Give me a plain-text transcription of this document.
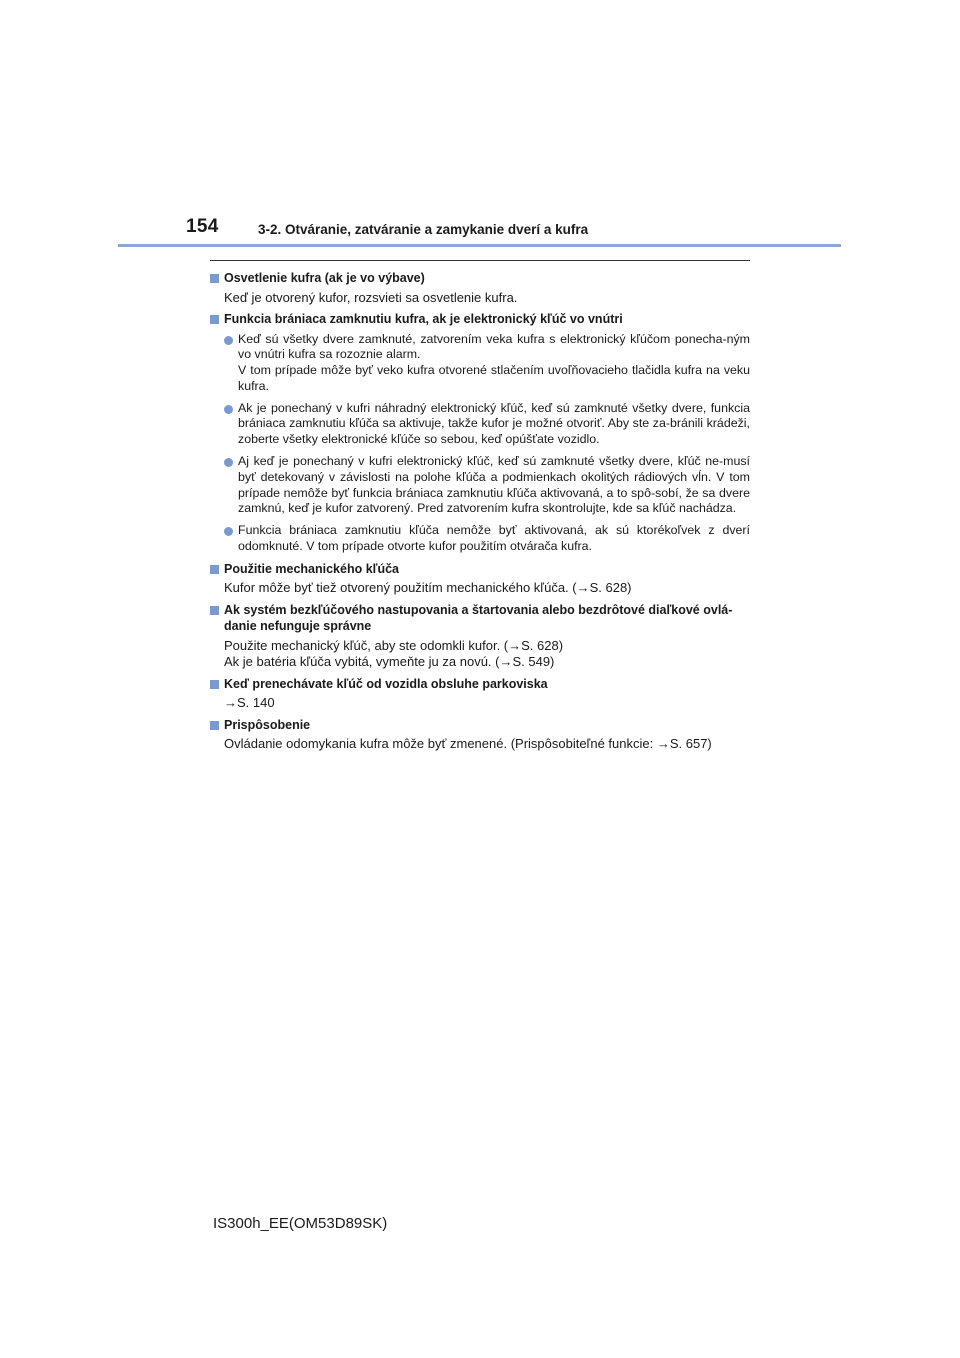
154	3-2. Otváranie, zatváranie a zamykanie dverí a kufra
Osvetlenie kufra (ak je vo výbave)
Keď je otvorený kufor, rozsvieti sa osvetlenie kufra.
Funkcia brániaca zamknutiu kufra, ak je elektronický kľúč vo vnútri
Keď sú všetky dvere zamknuté, zatvorením veka kufra s elektronický kľúčom ponecha-ným vo vnútri kufra sa rozoznie alarm.
V tom prípade môže byť veko kufra otvorené stlačením uvoľňovacieho tlačidla kufra na veku kufra.
Ak je ponechaný v kufri náhradný elektronický kľúč, keď sú zamknuté všetky dvere, funkcia brániaca zamknutiu kľúča sa aktivuje, takže kufor je možné otvoriť. Aby ste za-bránili krádeži, zoberte všetky elektronické kľúče so sebou, keď opúšťate vozidlo.
Aj keď je ponechaný v kufri elektronický kľúč, keď sú zamknuté všetky dvere, kľúč ne-musí byť detekovaný v závislosti na polohe kľúča a podmienkach okolitých rádiových vĺn. V tom prípade nemôže byť funkcia brániaca zamknutiu kľúča aktivovaná, a to spô-sobí, že sa dvere zamknú, keď je kufor zatvorený. Pred zatvorením kufra skontrolujte, kde sa kľúč nachádza.
Funkcia brániaca zamknutiu kľúča nemôže byť aktivovaná, ak sú ktorékoľvek z dverí odomknuté. V tom prípade otvorte kufor použitím otvárača kufra.
Použitie mechanického kľúča
Kufor môže byť tiež otvorený použitím mechanického kľúča. (→S. 628)
Ak systém bezkľúčového nastupovania a štartovania alebo bezdrôtové diaľkové ovlá-danie nefunguje správne
Použite mechanický kľúč, aby ste odomkli kufor. (→S. 628)
Ak je batéria kľúča vybitá, vymeňte ju za novú. (→S. 549)
Keď prenechávate kľúč od vozidla obsluhe parkoviska
→S. 140
Prispôsobenie
Ovládanie odomykania kufra môže byť zmenené. (Prispôsobiteľné funkcie: →S. 657)
IS300h_EE(OM53D89SK)
